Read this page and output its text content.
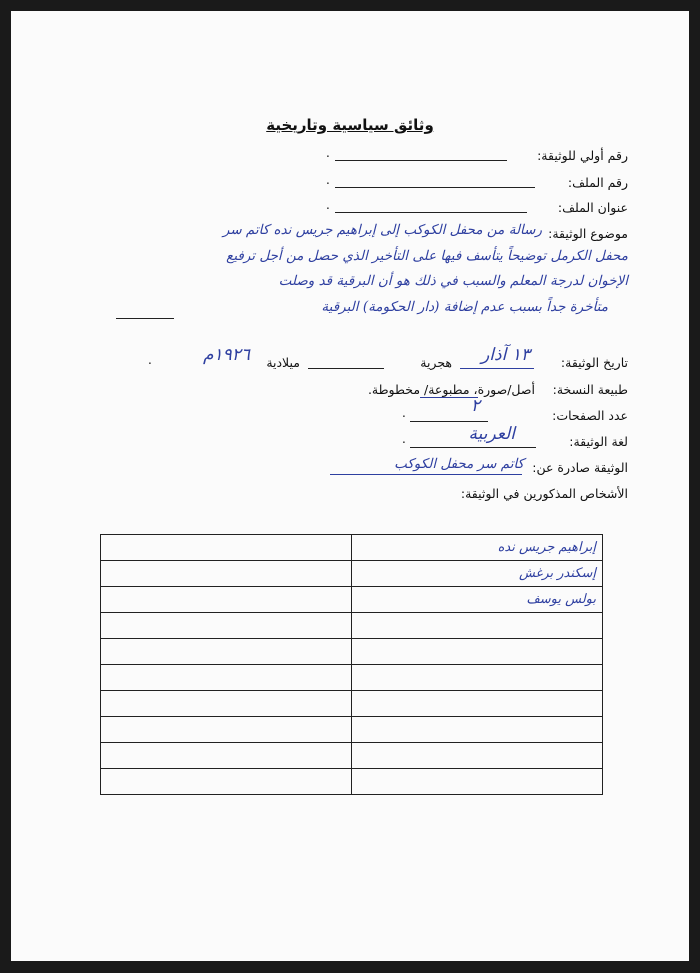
وثائق سياسية وتاريخية
رقم أولي للوثيقة:
.
رقم الملف:
.
عنوان الملف:
.
موضوع الوثيقة:
رسالة من محفل الكوكب إلى إبراهيم جريس نده كاتم سر
محفل الكرمل توضيحاً يتأسف فيها على التأخير الذي حصل من أجل ترفيع
الإخوان لدرجة المعلم والسبب في ذلك هو أن البرقية قد وصلت
متأخرة جداً بسبب عدم إضافة (دار الحكومة) البرقية
تاريخ الوثيقة:
١٣ آذار
هجرية
ميلادية
١٩٢٦م
.
طبيعة النسخة:
أصل/صورة، مطبوعة/ مخطوطة.
عدد الصفحات:
٢
.
لغة الوثيقة:
العربية
.
الوثيقة صادرة عن:
كاتم سر محفل الكوكب
الأشخاص المذكورين في الوثيقة:
إبراهيم جريس نده	
إسكندر برغش	
بولس يوسف	
